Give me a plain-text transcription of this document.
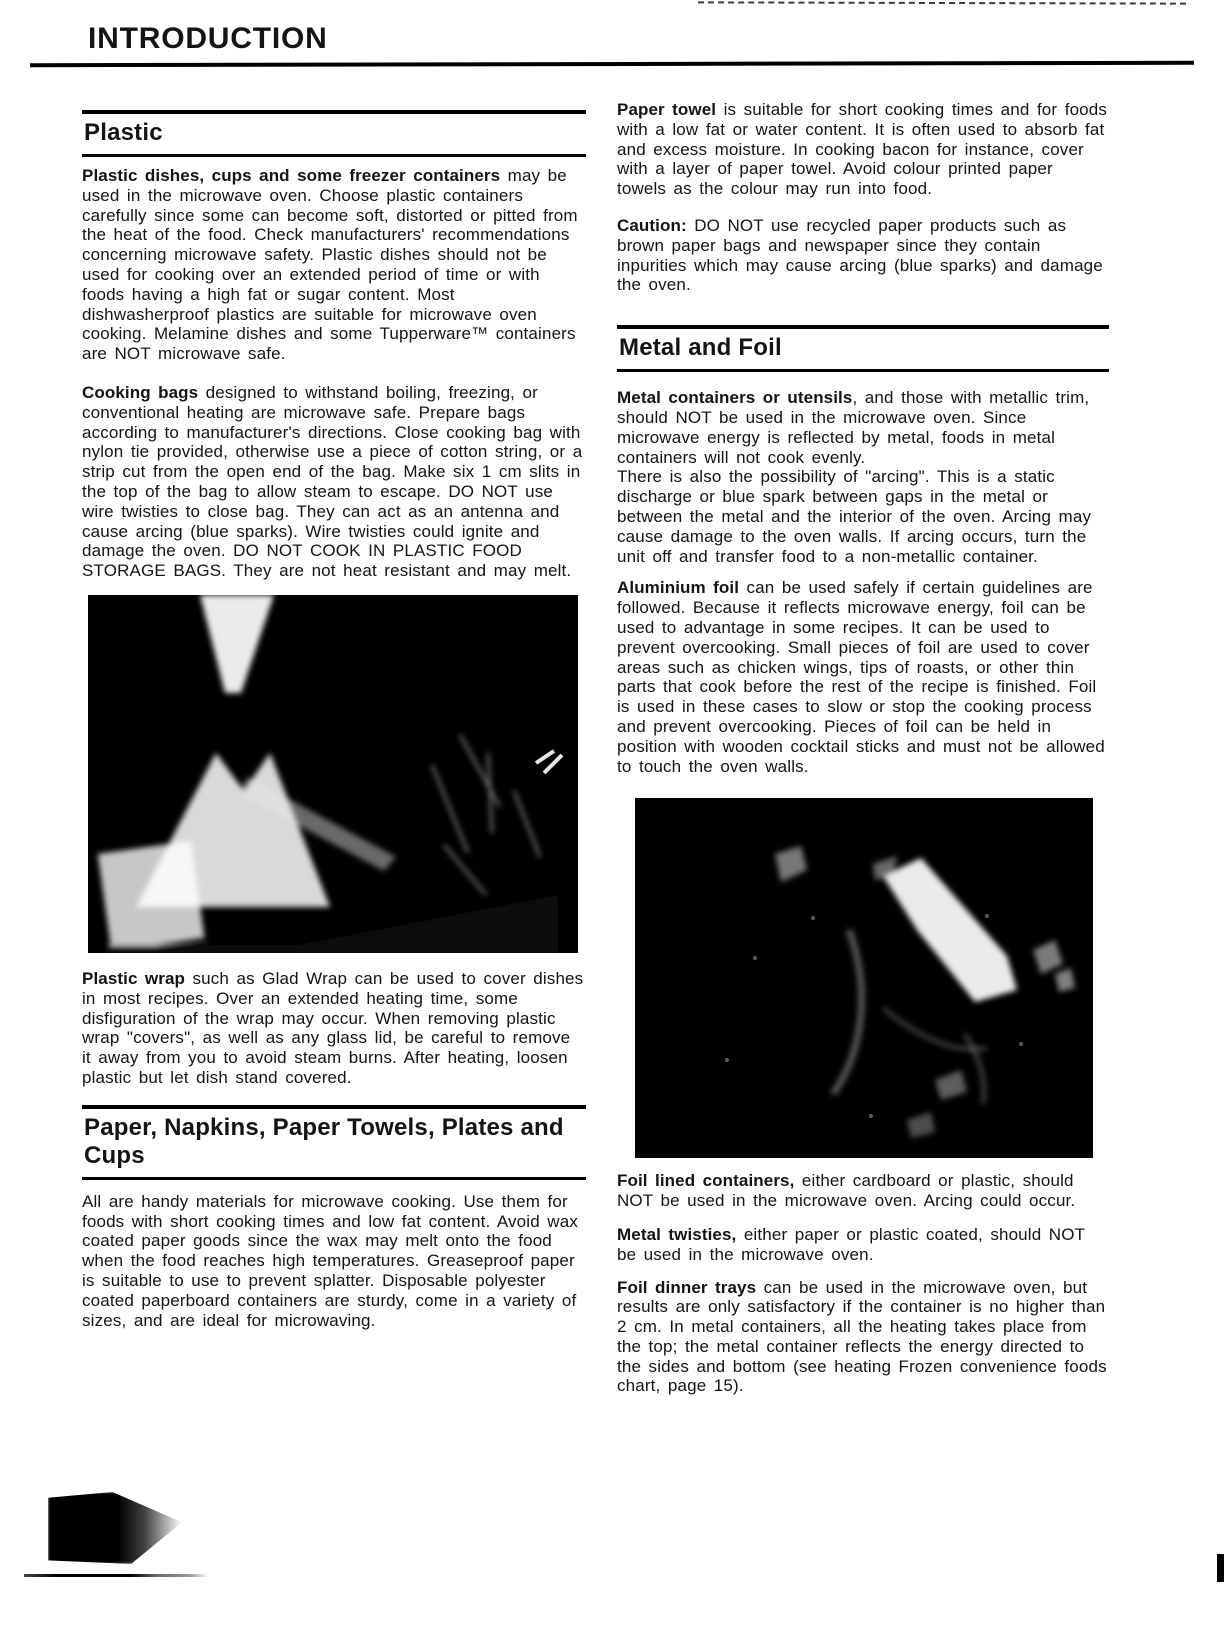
INTRODUCTION
Plastic

Plastic dishes, cups and some freezer containers may be used in the microwave oven. Choose plastic containers carefully since some can become soft, distorted or pitted from the heat of the food. Check manufacturers' recommendations concerning microwave safety. Plastic dishes should not be used for cooking over an extended period of time or with foods having a high fat or sugar content. Most dishwasherproof plastics are suitable for microwave oven cooking. Melamine dishes and some Tupperware™ containers are NOT microwave safe.

Cooking bags designed to withstand boiling, freezing, or conventional heating are microwave safe. Prepare bags according to manufacturer's directions. Close cooking bag with nylon tie provided, otherwise use a piece of cotton string, or a strip cut from the open end of the bag. Make six 1 cm slits in the top of the bag to allow steam to escape. DO NOT use wire twisties to close bag. They can act as an antenna and cause arcing (blue sparks). Wire twisties could ignite and damage the oven. DO NOT COOK IN PLASTIC FOOD STORAGE BAGS. They are not heat resistant and may melt.

Plastic wrap such as Glad Wrap can be used to cover dishes in most recipes. Over an extended heating time, some disfiguration of the wrap may occur. When removing plastic wrap "covers", as well as any glass lid, be careful to remove it away from you to avoid steam burns. After heating, loosen plastic but let dish stand covered.

Paper, Napkins, Paper Towels, Plates and Cups

All are handy materials for microwave cooking. Use them for foods with short cooking times and low fat content. Avoid wax coated paper goods since the wax may melt onto the food when the food reaches high temperatures. Greaseproof paper is suitable to use to prevent splatter. Disposable polyester coated paperboard containers are sturdy, come in a variety of sizes, and are ideal for microwaving.

Paper towel is suitable for short cooking times and for foods with a low fat or water content. It is often used to absorb fat and excess moisture. In cooking bacon for instance, cover with a layer of paper towel. Avoid colour printed paper towels as the colour may run into food.

Caution: DO NOT use recycled paper products such as brown paper bags and newspaper since they contain inpurities which may cause arcing (blue sparks) and damage the oven.

Metal and Foil

Metal containers or utensils, and those with metallic trim, should NOT be used in the microwave oven. Since microwave energy is reflected by metal, foods in metal containers will not cook evenly.
There is also the possibility of "arcing". This is a static discharge or blue spark between gaps in the metal or between the metal and the interior of the oven. Arcing may cause damage to the oven walls. If arcing occurs, turn the unit off and transfer food to a non-metallic container.

Aluminium foil can be used safely if certain guidelines are followed. Because it reflects microwave energy, foil can be used to advantage in some recipes. It can be used to prevent overcooking. Small pieces of foil are used to cover areas such as chicken wings, tips of roasts, or other thin parts that cook before the rest of the recipe is finished. Foil is used in these cases to slow or stop the cooking process and prevent overcooking. Pieces of foil can be held in position with wooden cocktail sticks and must not be allowed to touch the oven walls.

Foil lined containers, either cardboard or plastic, should NOT be used in the microwave oven. Arcing could occur.

Metal twisties, either paper or plastic coated, should NOT be used in the microwave oven.

Foil dinner trays can be used in the microwave oven, but results are only satisfactory if the container is no higher than 2 cm. In metal containers, all the heating takes place from the top; the metal container reflects the energy directed to the sides and bottom (see heating Frozen convenience foods chart, page 15).
